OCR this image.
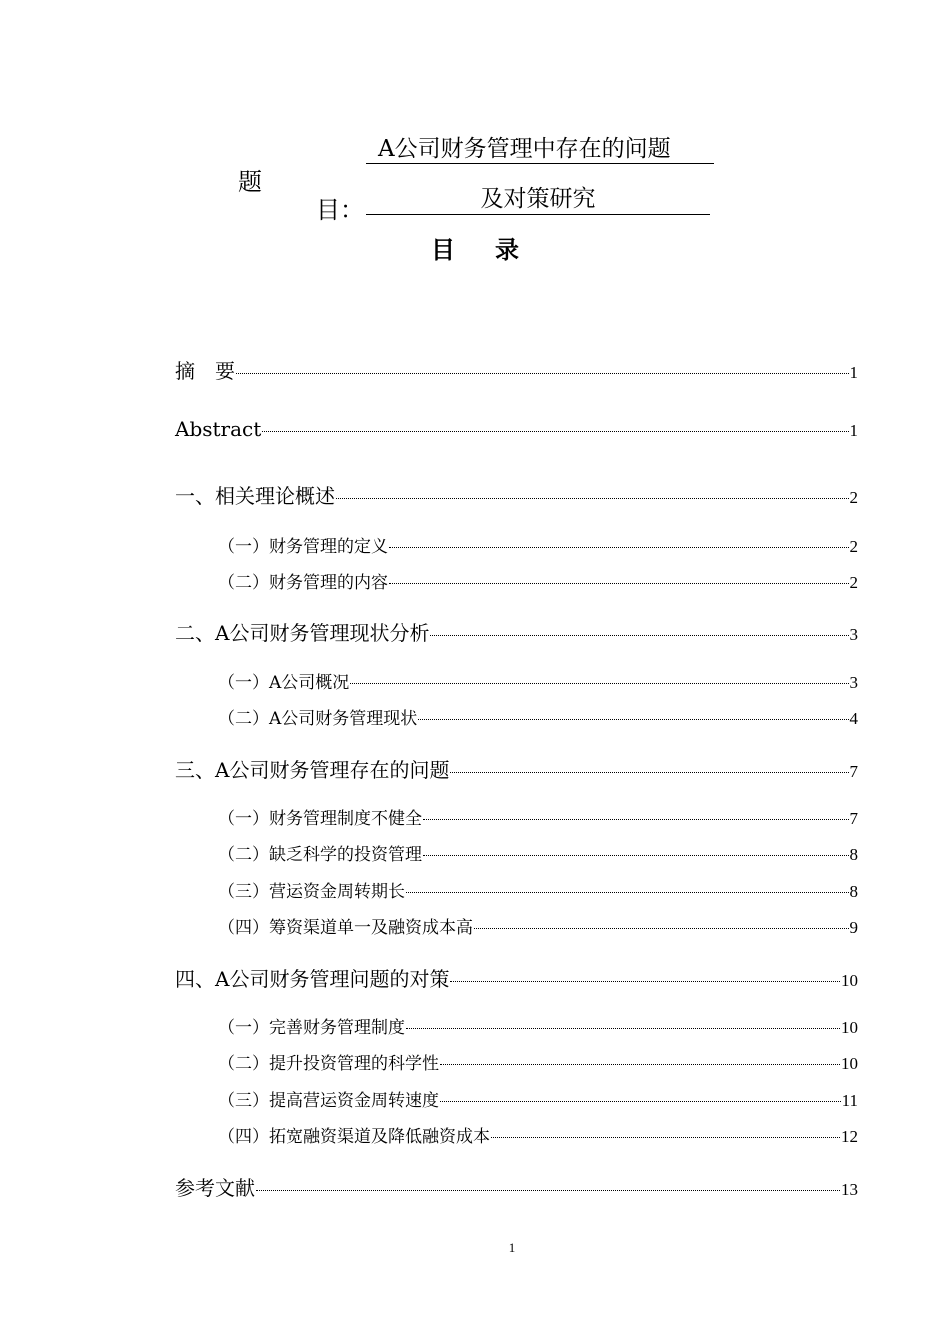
题

目：

A公司财务管理中存在的问题
及对策研究
目 录
摘　要	1
Abstract	1
一、相关理论概述	2
（一）财务管理的定义	2
（二）财务管理的内容	2
二、A公司财务管理现状分析	3
（一）A公司概况	3
（二）A公司财务管理现状	4
三、A公司财务管理存在的问题	7
（一）财务管理制度不健全	7
（二）缺乏科学的投资管理	8
（三）营运资金周转期长	8
（四）筹资渠道单一及融资成本高	9
四、A公司财务管理问题的对策	10
（一）完善财务管理制度	10
（二）提升投资管理的科学性	10
（三）提高营运资金周转速度	11
（四）拓宽融资渠道及降低融资成本	12
参考文献	13
1
